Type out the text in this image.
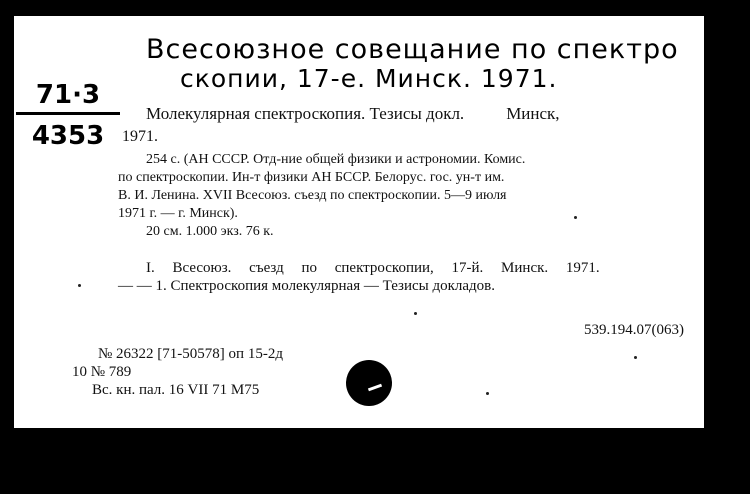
Всесоюзное совещание по спектро
скопии, 17-е. Минск. 1971.
71·3
4353
Молекулярная спектроскопия. Тезисы докл. Минск,
1971.
254 с. (АН СССР. Отд-ние общей физики и астрономии. Комис.
по спектроскопии. Ин-т физики АН БССР. Белорус. гос. ун-т им.
В. И. Ленина. XVII Всесоюз. съезд по спектроскопии. 5—9 июля
1971 г. — г. Минск).
20 см. 1.000 экз. 76 к.
I. Всесоюз. съезд по спектроскопии, 17-й. Минск. 1971.
— — 1. Спектроскопия молекулярная — Тезисы докладов.
539.194.07(063)
№ 26322 [71-50578] оп 15-2д
10 № 789
Вс. кн. пал. 16 VII 71 М75
